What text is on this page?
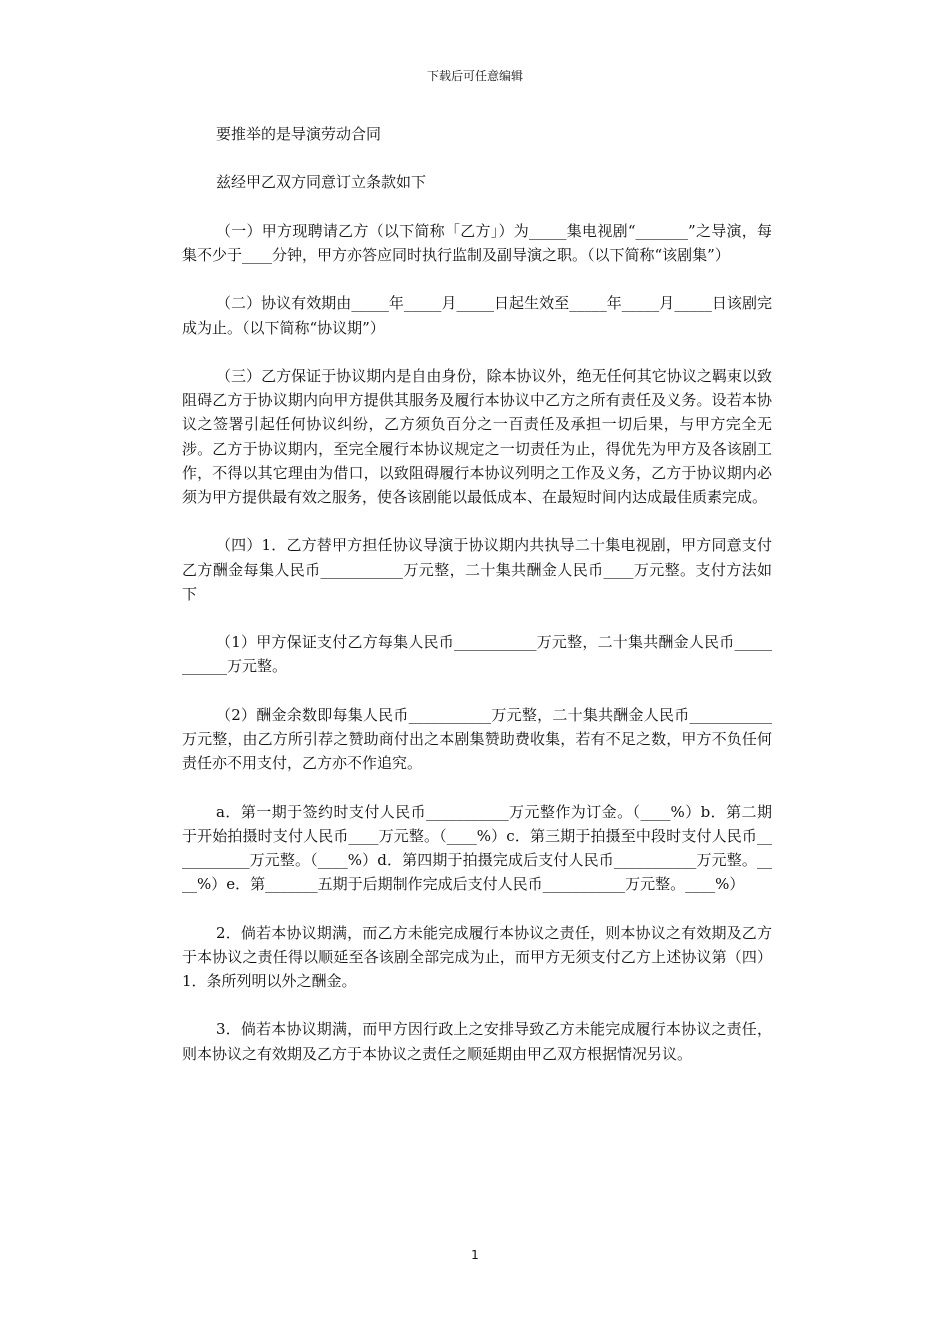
下载后可任意编辑

要推举的是导演劳动合同

兹经甲乙双方同意订立条款如下

（一）甲方现聘请乙方（以下简称「乙方」）为_____集电视剧“_______”之导演，每集不少于____分钟，甲方亦答应同时执行监制及副导演之职。（以下简称“该剧集”）

（二）协议有效期由_____年_____月_____日起生效至_____年_____月_____日该剧完成为止。（以下简称“协议期”）

（三）乙方保证于协议期内是自由身份，除本协议外，绝无任何其它协议之羁束以致阻碍乙方于协议期内向甲方提供其服务及履行本协议中乙方之所有责任及义务。设若本协议之签署引起任何协议纠纷，乙方须负百分之一百责任及承担一切后果，与甲方完全无涉。乙方于协议期内，至完全履行本协议规定之一切责任为止，得优先为甲方及各该剧工作，不得以其它理由为借口，以致阻碍履行本协议列明之工作及义务，乙方于协议期内必须为甲方提供最有效之服务，使各该剧能以最低成本、在最短时间内达成最佳质素完成。

（四）1．乙方替甲方担任协议导演于协议期内共执导二十集电视剧，甲方同意支付乙方酬金每集人民币___________万元整，二十集共酬金人民币____万元整。支付方法如下

（1）甲方保证支付乙方每集人民币___________万元整，二十集共酬金人民币___________万元整。

（2）酬金余数即每集人民币___________万元整，二十集共酬金人民币___________万元整，由乙方所引荐之赞助商付出之本剧集赞助费收集，若有不足之数，甲方不负任何责任亦不用支付，乙方亦不作追究。

a．第一期于签约时支付人民币___________万元整作为订金。（____%）b．第二期于开始拍摄时支付人民币____万元整。（____%）c．第三期于拍摄至中段时支付人民币___________万元整。（____%）d．第四期于拍摄完成后支付人民币___________万元整。____%）e．第_______五期于后期制作完成后支付人民币___________万元整。____%）

2．倘若本协议期满，而乙方未能完成履行本协议之责任，则本协议之有效期及乙方于本协议之责任得以顺延至各该剧全部完成为止，而甲方无须支付乙方上述协议第（四）1．条所列明以外之酬金。

3．倘若本协议期满，而甲方因行政上之安排导致乙方未能完成履行本协议之责任，则本协议之有效期及乙方于本协议之责任之顺延期由甲乙双方根据情况另议。

1
